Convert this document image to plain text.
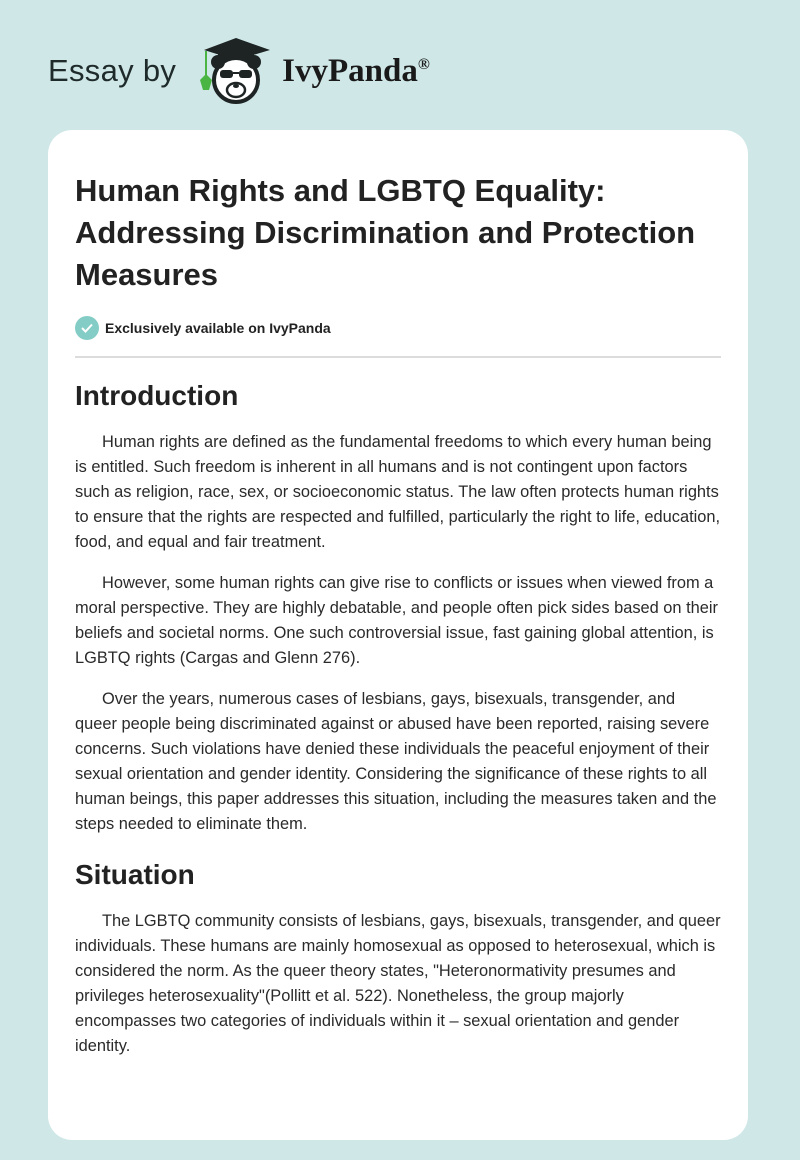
Essay by	IvyPanda®
Human Rights and LGBTQ Equality: Addressing Discrimination and Protection Measures
Exclusively available on IvyPanda
Introduction

Human rights are defined as the fundamental freedoms to which every human being is entitled. Such freedom is inherent in all humans and is not contingent upon factors such as religion, race, sex, or socioeconomic status. The law often protects human rights to ensure that the rights are respected and fulfilled, particularly the right to life, education, food, and equal and fair treatment.

However, some human rights can give rise to conflicts or issues when viewed from a moral perspective. They are highly debatable, and people often pick sides based on their beliefs and societal norms. One such controversial issue, fast gaining global attention, is LGBTQ rights (Cargas and Glenn 276).

Over the years, numerous cases of lesbians, gays, bisexuals, transgender, and queer people being discriminated against or abused have been reported, raising severe concerns. Such violations have denied these individuals the peaceful enjoyment of their sexual orientation and gender identity. Considering the significance of these rights to all human beings, this paper addresses this situation, including the measures taken and the steps needed to eliminate them.

Situation

The LGBTQ community consists of lesbians, gays, bisexuals, transgender, and queer individuals. These humans are mainly homosexual as opposed to heterosexual, which is considered the norm. As the queer theory states, "Heteronormativity presumes and privileges heterosexuality"(Pollitt et al. 522). Nonetheless, the group majorly encompasses two categories of individuals within it – sexual orientation and gender identity.
